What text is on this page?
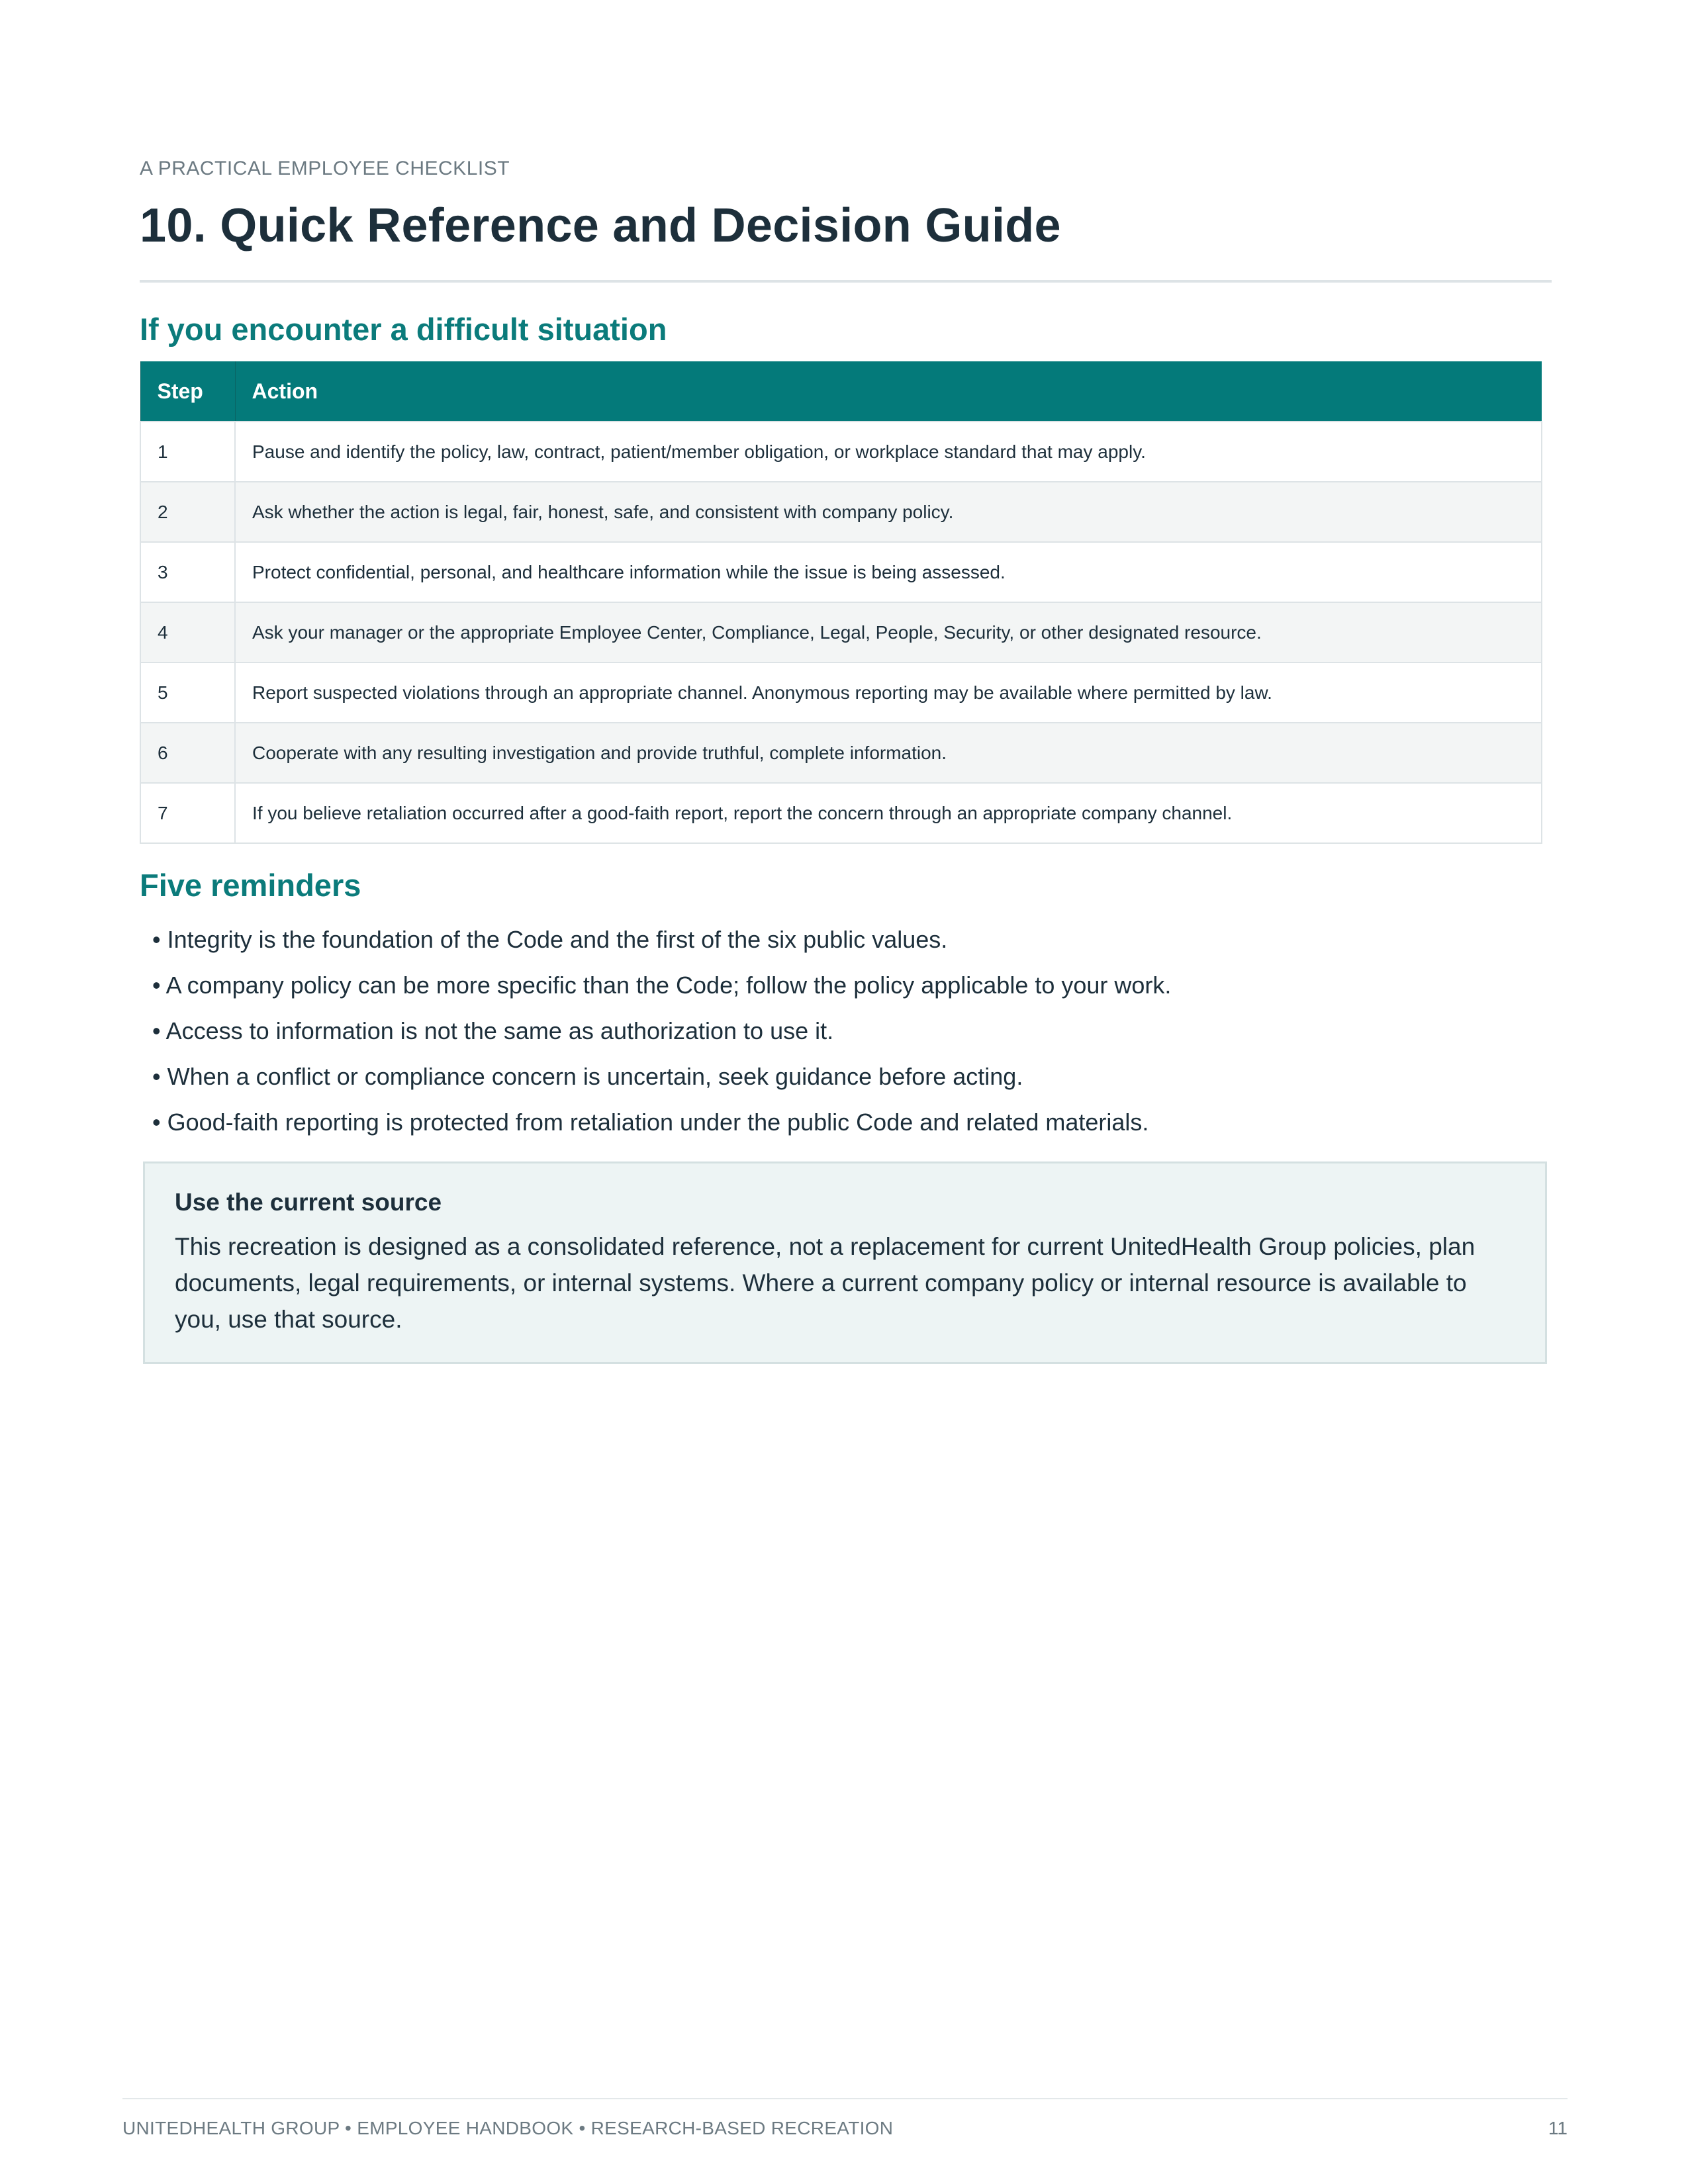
A PRACTICAL EMPLOYEE CHECKLIST
10. Quick Reference and Decision Guide
If you encounter a difficult situation
Step	Action
1	Pause and identify the policy, law, contract, patient/member obligation, or workplace standard that may apply.
2	Ask whether the action is legal, fair, honest, safe, and consistent with company policy.
3	Protect confidential, personal, and healthcare information while the issue is being assessed.
4	Ask your manager or the appropriate Employee Center, Compliance, Legal, People, Security, or other designated resource.
5	Report suspected violations through an appropriate channel. Anonymous reporting may be available where permitted by law.
6	Cooperate with any resulting investigation and provide truthful, complete information.
7	If you believe retaliation occurred after a good-faith report, report the concern through an appropriate company channel.
Five reminders
• Integrity is the foundation of the Code and the first of the six public values.
• A company policy can be more specific than the Code; follow the policy applicable to your work.
• Access to information is not the same as authorization to use it.
• When a conflict or compliance concern is uncertain, seek guidance before acting.
• Good-faith reporting is protected from retaliation under the public Code and related materials.
Use the current source
This recreation is designed as a consolidated reference, not a replacement for current UnitedHealth Group policies, plan documents, legal requirements, or internal systems. Where a current company policy or internal resource is available to you, use that source.
UNITEDHEALTH GROUP • EMPLOYEE HANDBOOK • RESEARCH-BASED RECREATION	11
